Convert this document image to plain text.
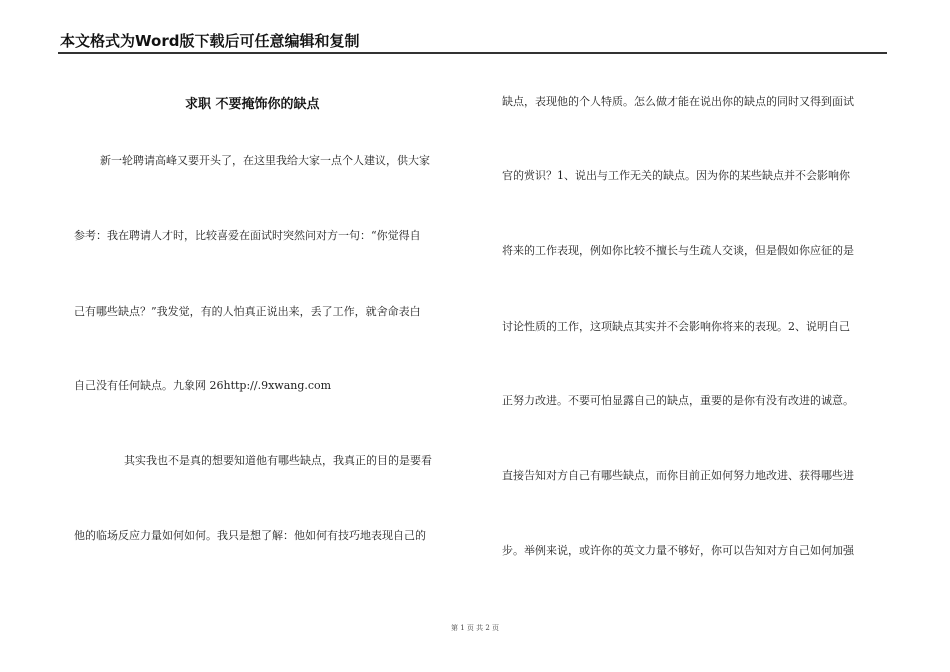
本文格式为Word版下载后可任意编辑和复制
求职 不要掩饰你的缺点
新一轮聘请高峰又要开头了，在这里我给大家一点个人建议，供大家
参考：我在聘请人才时，比较喜爱在面试时突然问对方一句：“你觉得自
己有哪些缺点？”我发觉，有的人怕真正说出来，丢了工作，就舍命表白
自己没有任何缺点。九象网 26http://.9xwang.com
其实我也不是真的想要知道他有哪些缺点，我真正的目的是要看
他的临场反应力量如何如何。我只是想了解：他如何有技巧地表现自己的
缺点，表现他的个人特质。怎么做才能在说出你的缺点的同时又得到面试
官的赏识？1、说出与工作无关的缺点。因为你的某些缺点并不会影响你
将来的工作表现，例如你比较不擅长与生疏人交谈，但是假如你应征的是
讨论性质的工作，这项缺点其实并不会影响你将来的表现。2、说明自己
正努力改进。不要可怕显露自己的缺点，重要的是你有没有改进的诚意。
直接告知对方自己有哪些缺点，而你目前正如何努力地改进、获得哪些进
步。举例来说，或许你的英文力量不够好，你可以告知对方自己如何加强
第 1 页 共 2 页
